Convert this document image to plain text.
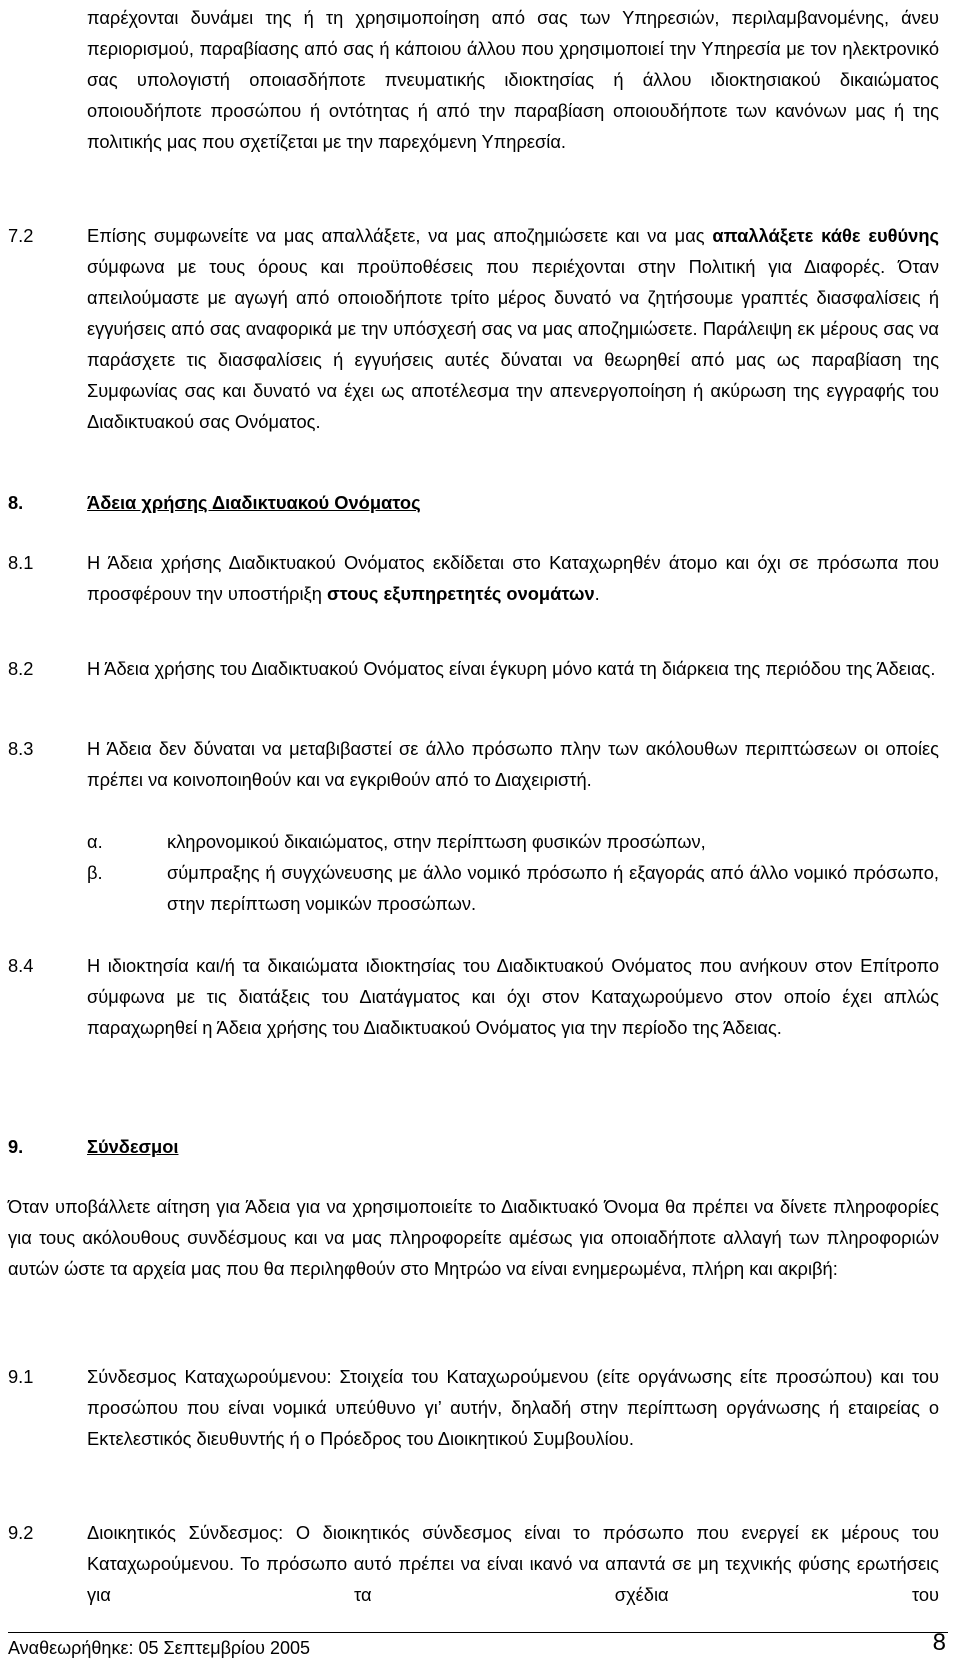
παρέχονται δυνάμει της ή τη χρησιμοποίηση από σας των Υπηρεσιών, περιλαμβανομένης, άνευ περιορισμού, παραβίασης από σας ή κάποιου άλλου που χρησιμοποιεί την Υπηρεσία με τον ηλεκτρονικό σας υπολογιστή οποιασδήποτε πνευματικής ιδιοκτησίας ή άλλου ιδιοκτησιακού δικαιώματος οποιουδήποτε προσώπου ή οντότητας ή από την παραβίαση οποιουδήποτε των κανόνων μας ή της πολιτικής μας που σχετίζεται με την παρεχόμενη Υπηρεσία.

7.2	Επίσης συμφωνείτε να μας απαλλάξετε, να μας αποζημιώσετε και να μας απαλλάξετε κάθε ευθύνης σύμφωνα με τους όρους και προϋποθέσεις που περιέχονται στην Πολιτική για Διαφορές. Όταν απειλούμαστε με αγωγή από οποιοδήποτε τρίτο μέρος δυνατό να ζητήσουμε γραπτές διασφαλίσεις ή εγγυήσεις από σας αναφορικά με την υπόσχεσή σας να μας αποζημιώσετε. Παράλειψη εκ μέρους σας να παράσχετε τις διασφαλίσεις ή εγγυήσεις αυτές δύναται να θεωρηθεί από μας ως παραβίαση της Συμφωνίας σας και δυνατό να έχει ως αποτέλεσμα την απενεργοποίηση ή ακύρωση της εγγραφής του Διαδικτυακού σας Ονόματος.

8.	Άδεια χρήσης Διαδικτυακού Ονόματος

8.1	Η Άδεια χρήσης Διαδικτυακού Ονόματος εκδίδεται στο Καταχωρηθέν άτομο και όχι σε πρόσωπα που προσφέρουν την υποστήριξη στους εξυπηρετητές ονομάτων.

8.2	Η Άδεια χρήσης του Διαδικτυακού Ονόματος είναι έγκυρη μόνο κατά τη διάρκεια της περιόδου της Άδειας.

8.3	Η Άδεια δεν δύναται να μεταβιβαστεί σε άλλο πρόσωπο πλην των ακόλουθων περιπτώσεων οι οποίες πρέπει να κοινοποιηθούν και να εγκριθούν από το Διαχειριστή.

α.	κληρονομικού δικαιώματος, στην περίπτωση φυσικών προσώπων,

β.	σύμπραξης ή συγχώνευσης με άλλο νομικό πρόσωπο ή εξαγοράς από άλλο νομικό πρόσωπο, στην περίπτωση νομικών προσώπων.

8.4	Η ιδιοκτησία και/ή τα δικαιώματα ιδιοκτησίας του Διαδικτυακού Ονόματος που ανήκουν στον Επίτροπο σύμφωνα με τις διατάξεις του Διατάγματος και όχι στον Καταχωρούμενο στον οποίο έχει απλώς παραχωρηθεί η Άδεια χρήσης του Διαδικτυακού Ονόματος για την περίοδο της Άδειας.

9.	Σύνδεσμοι

Όταν υποβάλλετε αίτηση για Άδεια για να χρησιμοποιείτε το Διαδικτυακό Όνομα θα πρέπει να δίνετε πληροφορίες για τους ακόλουθους συνδέσμους και να μας πληροφορείτε αμέσως για οποιαδήποτε αλλαγή των πληροφοριών αυτών ώστε τα αρχεία μας που θα περιληφθούν στο Μητρώο να είναι ενημερωμένα, πλήρη και ακριβή:

9.1	Σύνδεσμος Καταχωρούμενου: Στοιχεία του Καταχωρούμενου (είτε οργάνωσης είτε προσώπου) και του προσώπου που είναι νομικά υπεύθυνο γι’ αυτήν, δηλαδή στην περίπτωση οργάνωσης ή εταιρείας ο Εκτελεστικός διευθυντής ή ο Πρόεδρος του Διοικητικού Συμβουλίου.

9.2	Διοικητικός Σύνδεσμος: Ο διοικητικός σύνδεσμος είναι το πρόσωπο που ενεργεί εκ μέρους του Καταχωρούμενου. Το πρόσωπο αυτό πρέπει να είναι ικανό να απαντά σε μη τεχνικής φύσης ερωτήσεις για τα σχέδια του

Αναθεωρήθηκε: 05 Σεπτεμβρίου 2005	8
